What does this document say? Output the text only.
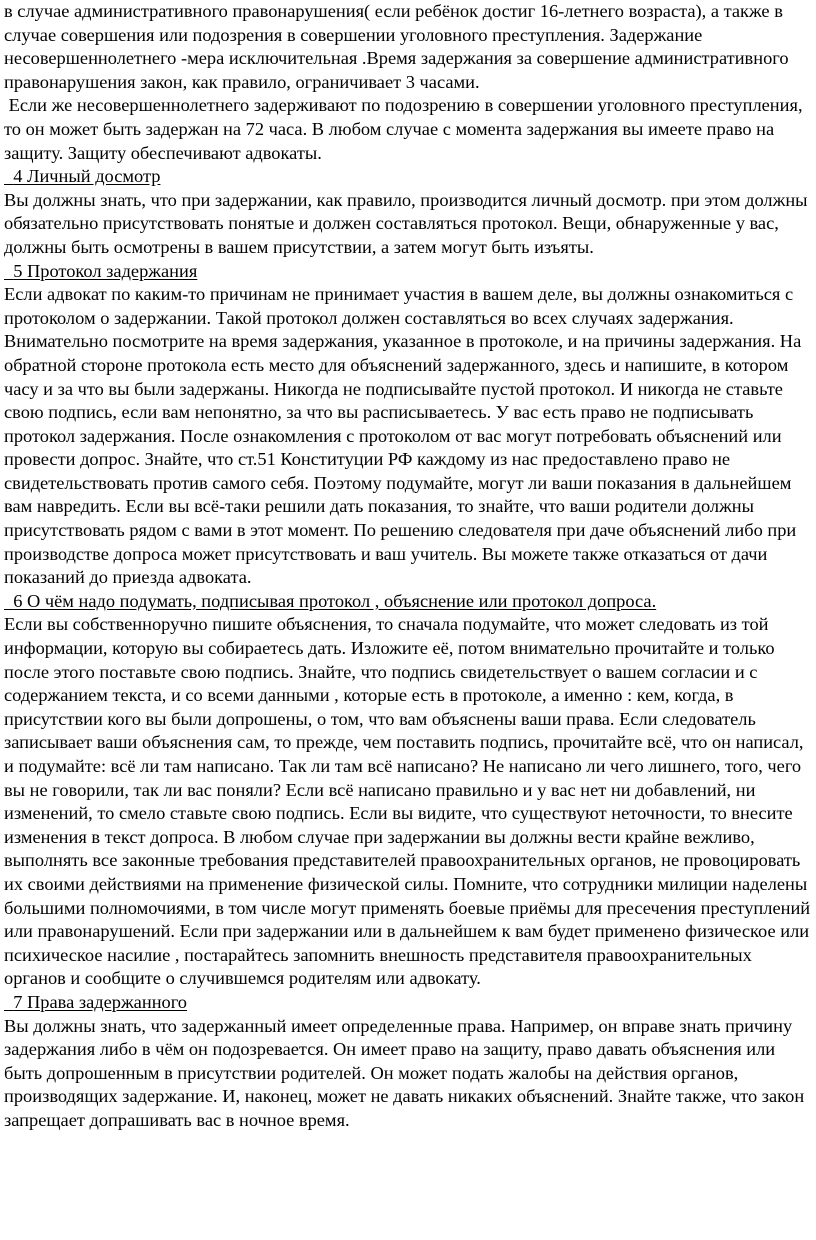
в случае административного правонарушения( если ребёнок достиг 16-летнего возраста), а также в случае совершения или подозрения в совершении уголовного преступления. Задержание несовершеннолетнего -мера исключительная .Время задержания за совершение административного правонарушения закон, как правило, ограничивает 3 часами.

Если же несовершеннолетнего задерживают по подозрению в совершении уголовного преступления, то он может быть задержан на 72 часа. В любом случае с момента задержания вы имеете право на защиту. Защиту обеспечивают адвокаты.

4 Личный досмотр

Вы должны знать, что при задержании, как правило, производится личный досмотр. при этом должны обязательно присутствовать понятые и должен составляться протокол. Вещи, обнаруженные у вас, должны быть осмотрены в вашем присутствии, а затем могут быть изъяты.

5 Протокол задержания

Если адвокат по каким-то причинам не принимает участия в вашем деле, вы должны ознакомиться с протоколом о задержании. Такой протокол должен составляться во всех случаях задержания. Внимательно посмотрите на время задержания, указанное в протоколе, и на причины задержания. На обратной стороне протокола есть место для объяснений задержанного, здесь и напишите, в котором часу и за что вы были задержаны. Никогда не подписывайте пустой протокол. И никогда не ставьте свою подпись, если вам непонятно, за что вы расписываетесь. У вас есть право не подписывать протокол задержания. После ознакомления с протоколом от вас могут потребовать объяснений или провести допрос. Знайте, что ст.51 Конституции РФ каждому из нас предоставлено право не свидетельствовать против самого себя. Поэтому подумайте, могут ли ваши показания в дальнейшем вам навредить. Если вы всё-таки решили дать показания, то знайте, что ваши родители должны присутствовать рядом с вами в этот момент. По решению следователя при даче объяснений либо при производстве допроса может присутствовать и ваш учитель. Вы можете также отказаться от дачи показаний до приезда адвоката.

6 О чём надо подумать, подписывая протокол , объяснение или протокол допроса.

Если вы собственноручно пишите объяснения, то сначала подумайте, что может следовать из той информации, которую вы собираетесь дать. Изложите её, потом внимательно прочитайте и только после этого поставьте свою подпись. Знайте, что подпись свидетельствует о вашем согласии и с содержанием текста, и со всеми данными , которые есть в протоколе, а именно : кем, когда, в присутствии кого вы были допрошены, о том, что вам объяснены ваши права. Если следователь записывает ваши объяснения сам, то прежде, чем поставить подпись, прочитайте всё, что он написал, и подумайте: всё ли там написано. Так ли там всё написано? Не написано ли чего лишнего, того, чего вы не говорили, так ли вас поняли? Если всё написано правильно и у вас нет ни добавлений, ни изменений, то смело ставьте свою подпись. Если вы видите, что существуют неточности, то внесите изменения в текст допроса. В любом случае при задержании вы должны вести крайне вежливо, выполнять все законные требования представителей правоохранительных органов, не провоцировать их своими действиями на применение физической силы. Помните, что сотрудники милиции наделены  большими полномочиями, в том числе могут применять боевые приёмы для пресечения преступлений или правонарушений. Если при задержании или в дальнейшем к вам будет применено физическое или психическое насилие , постарайтесь запомнить внешность представителя правоохранительных органов и сообщите о случившемся родителям или адвокату.

7 Права задержанного

Вы должны знать, что задержанный имеет определенные права. Например, он вправе знать причину задержания либо в чём он подозревается. Он имеет право на защиту, право давать объяснения или быть допрошенным в присутствии родителей. Он может подать жалобы на действия органов, производящих задержание. И, наконец, может не давать никаких объяснений. Знайте также, что закон запрещает допрашивать вас в ночное время.
